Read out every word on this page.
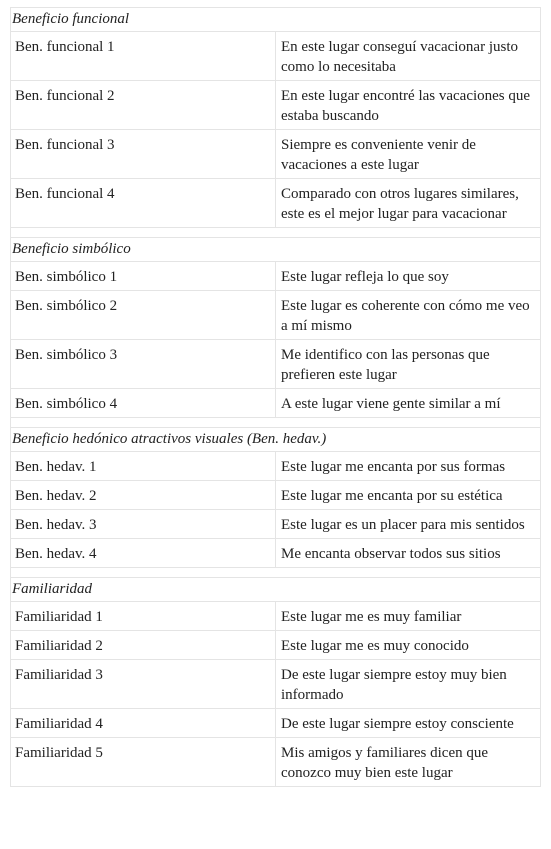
Beneficio funcional	
Ben. funcional 1	En este lugar conseguí vacacionar justo como lo necesitaba
Ben. funcional 2	En este lugar encontré las vacaciones que estaba buscando
Ben. funcional 3	Siempre es conveniente venir de vacaciones a este lugar
Ben. funcional 4	Comparado con otros lugares similares, este es el mejor lugar para vacacionar

Beneficio simbólico	
Ben. simbólico 1	Este lugar refleja lo que soy
Ben. simbólico 2	Este lugar es coherente con cómo me veo a mí mismo
Ben. simbólico 3	Me identifico con las personas que prefieren este lugar
Ben. simbólico 4	A este lugar viene gente similar a mí

Beneficio hedónico atractivos visuales (Ben. hedav.)	
Ben. hedav. 1	Este lugar me encanta por sus formas
Ben. hedav. 2	Este lugar me encanta por su estética
Ben. hedav. 3	Este lugar es un placer para mis sentidos
Ben. hedav. 4	Me encanta observar todos sus sitios

Familiaridad	
Familiaridad 1	Este lugar me es muy familiar
Familiaridad 2	Este lugar me es muy conocido
Familiaridad 3	De este lugar siempre estoy muy bien informado
Familiaridad 4	De este lugar siempre estoy consciente
Familiaridad 5	Mis amigos y familiares dicen que conozco muy bien este lugar
